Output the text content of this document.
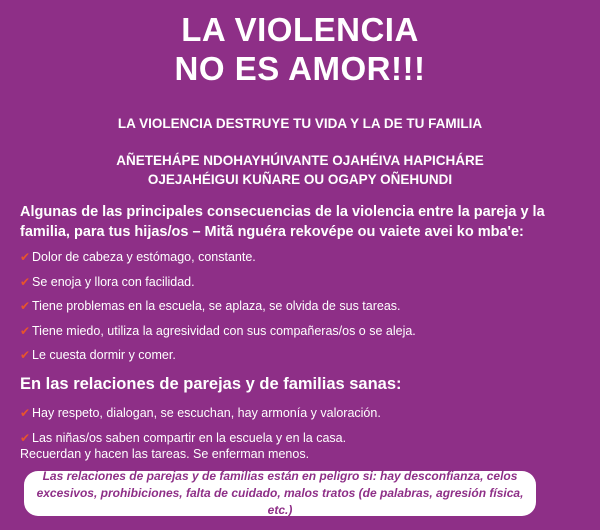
LA VIOLENCIA
NO ES AMOR!!!
LA VIOLENCIA DESTRUYE TU VIDA Y LA DE TU FAMILIA
AÑETEHÁPE NDOHAYHÚIVANTE OJAHÉIVA HAPICHÁRE
OJEJAHÉIGUI KUÑARE OU OGAPY OÑEHUNDI
Algunas de las principales consecuencias de la violencia entre la pareja y la
familia, para tus hijas/os – Mitã nguéra rekovépe ou vaiete avei ko mba'e:
✔ Dolor de cabeza y estómago, constante.
✔ Se enoja y llora con facilidad.
✔ Tiene problemas en la escuela, se aplaza, se olvida de sus tareas.
✔ Tiene miedo, utiliza la agresividad con sus compañeras/os o se aleja.
✔ Le cuesta dormir y comer.
En las relaciones de parejas y de familias sanas:
✔ Hay respeto, dialogan, se escuchan, hay armonía y valoración.
✔ Las niñas/os saben compartir en la escuela y en la casa.
Recuerdan y hacen las tareas. Se enferman menos.
Las relaciones de parejas y de familias están en peligro si: hay desconfianza, celos
excesivos, prohibiciones, falta de cuidado, malos tratos (de palabras, agresión física, etc.)
